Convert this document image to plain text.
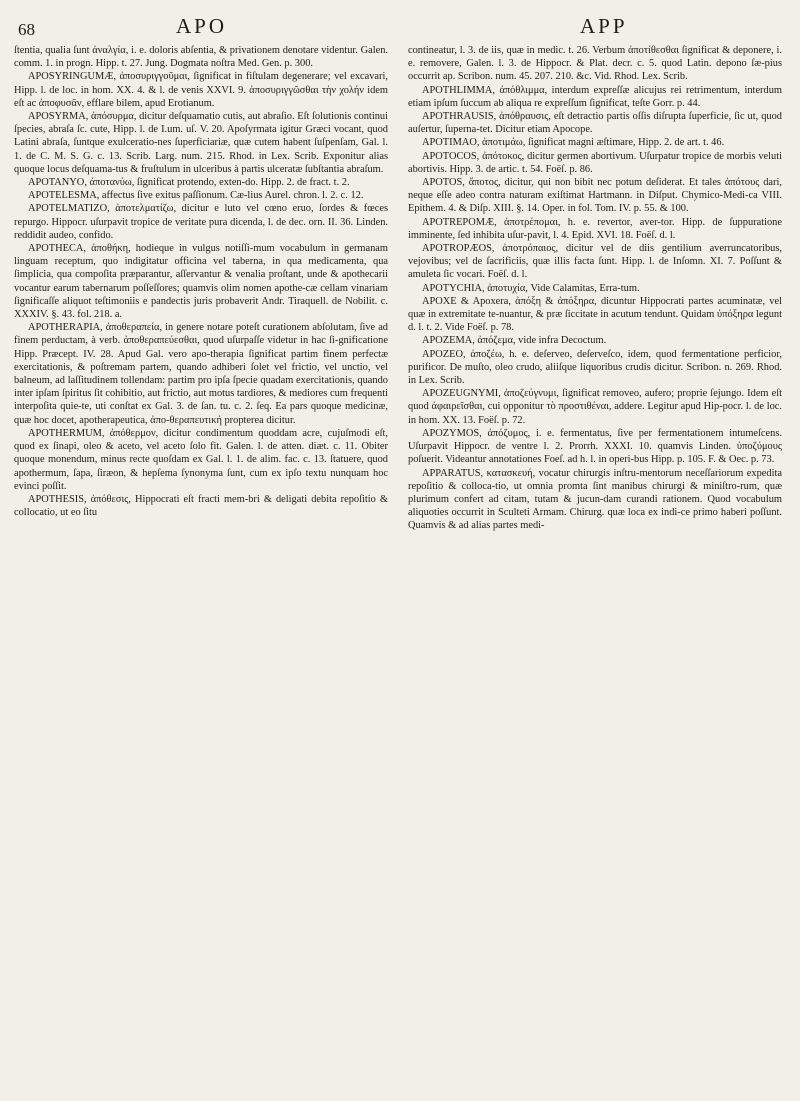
68	APO	APP

ſtentia, qualia ſunt ἀναλγία, i. e. doloris abſentia, & privationem denotare videntur. Galen. comm. 1. in progn. Hipp. t. 27. Jung. Dogmata noſtra Med. Gen. p. 300.

APOSYRINGUMÆ, ἀποσυριγγοῦμαι, ſignificat in fiſtulam degenerare; vel excavari, Hipp. l. de loc. in hom. XX. 4. & l. de venis XXVI. 9. ἀποσυριγγῶσθαι τὴν χολήν idem eſt ac ἀποφυσᾶν, efflare bilem, apud Erotianum.

APOSYRMA, ἀπόσυρμα, dicitur deſquamatio cutis, aut abraſio. Eſt ſolutionis continui ſpecies, abraſa ſc. cute, Hipp. l. de I.um. uſ. V. 20. Apoſyrmata igitur Græci vocant, quod Latini abraſa, ſuntque exulceratio-nes ſuperficiariæ, quæ cutem habent ſuſpenſam, Gal. l. 1. de C. M. S. G. c. 13. Scrib. Larg. num. 215. Rhod. in Lex. Scrib. Exponitur alias quoque locus deſquama-tus & fruſtulum in ulceribus à partis ulceratæ ſubſtantia abraſum.

APOTANYO, ἀποτανύω, ſignificat protendo, exten-do. Hipp. 2. de fract. t. 2.

APOTELESMA, affectus ſive exitus paſſionum. Cæ-lius Aurel. chron. l. 2. c. 12.

APOTELMATIZO, ἀποτελματίζω, dicitur e luto vel cœno eruo, ſordes & fœces repurgo. Hippocr. uſurpavit tropice de veritate pura dicenda, l. de dec. orn. II. 36. Linden. reddidit audeo, confido.

APOTHECA, ἀποθήκη, hodieque in vulgus notiſſi-mum vocabulum in germanam linguam receptum, quo indigitatur officina vel taberna, in qua medicamenta, qua ſimplicia, qua compoſita præparantur, aſſervantur & venalia proſtant, unde & apothecarii vocantur earum tabernarum poſſeſſores; quamvis olim nomen apothe-cæ cellam vinariam ſignificaſſe aliquot teſtimoniis e pandectis juris probaverit Andr. Tiraquell. de Nobilit. c. XXXIV. §. 43. fol. 218. a.

APOTHERAPIA, ἀποθεραπεία, in genere notare poteſt curationem abſolutam, ſive ad finem perductam, à verb. ἀποθεραπεύεσθαι, quod uſurpaſſe videtur in hac ſi-gnificatione Hipp. Præcept. IV. 28. Apud Gal. vero apo-therapia ſignificat partim finem perfectæ exercitationis, & poſtremam partem, quando adhiberi ſolet vel frictio, vel unctio, vel balneum, ad laſſitudinem tollendam: partim pro ipſa ſpecie quadam exercitationis, quando inter ipſam ſpiritus ſit cohibitio, aut frictio, aut motus tardiores, & mediores cum frequenti interpoſita quie-te, uti conſtat ex Gal. 3. de ſan. tu. c. 2. ſeq. Ea pars quoque medicinæ, quæ hoc docet, apotherapeutica, ἀπο-θεραπευτική propterea dicitur.

APOTHERMUM, ἀπόθερμον, dicitur condimentum quoddam acre, cujuſmodi eſt, quod ex ſinapi, oleo & aceto, vel aceto ſolo fit. Galen. l. de atten. diæt. c. 11. Obiter quoque monendum, minus recte quoſdam ex Gal. l. 1. de alim. fac. c. 13. ſtatuere, quod apothermum, ſapa, ſiræon, & hepſema ſynonyma ſunt, cum ex ipſo textu nunquam hoc evinci poſſit.

APOTHESIS, ἀπόθεσις, Hippocrati eſt fracti mem-bri & deligati debita repoſitio & collocatio, ut eo ſitu

contineatur, l. 3. de iis, quæ in medic. t. 26. Verbum ἀποτίθεσθαι ſignificat & deponere, i. e. removere, Galen. l. 3. de Hippocr. & Plat. decr. c. 5. quod Latin. depono ſæ-pius occurrit ap. Scribon. num. 45. 207. 210. &c. Vid. Rhod. Lex. Scrib.

APOTHLIMMA, ἀπόθλιμμα, interdum expreſſæ alicujus rei retrimentum, interdum etiam ipſum ſuccum ab aliqua re expreſſum ſignificat, teſte Gorr. p. 44.

APOTHRAUSIS, ἀπόθραυσις, eſt detractio partis oſſis diſrupta ſuperficie, ſic ut, quod auſertur, ſuperna-tet. Dicitur etiam Apocope.

APOTIMAO, ἀποτιμάω, ſignificat magni æſtimare, Hipp. 2. de art. t. 46.

APOTOCOS, ἀπότοκος, dicitur germen abortivum. Uſurpatur tropice de morbis veluti abortivis. Hipp. 3. de artic. t. 54. Foëſ. p. 86.

APOTOS, ἄποτος, dicitur, qui non bibit nec potum deſiderat. Et tales ἀπότους dari, neque eſſe adeo contra naturam exiſtimat Hartmann. in Diſput. Chymico-Medi-ca VIII. Epithem. 4. & Diſp. XIII. §. 14. Oper. in fol. Tom. IV. p. 55. & 100.

APOTREPOMÆ, ἀποτρέπομαι, h. e. revertor, aver-tor. Hipp. de ſuppuratione imminente, ſed inhibita uſur-pavit, l. 4. Epid. XVI. 18. Foëſ. d. l.

APOTROPÆOS, ἀποτρόπαιος, dicitur vel de diis gentilium averruncatoribus, vejovibus; vel de ſacrificiis, quæ illis facta ſunt. Hipp. l. de Inſomn. XI. 7. Poſſunt & amuleta ſic vocari. Foëſ. d. l.

APOTYCHIA, ἀποτυχία, Vide Calamitas, Erra-tum.

APOXE & Apoxera, ἀπόξη & ἀπόξηρα, dicuntur Hippocrati partes acuminatæ, vel quæ in extremitate te-nuantur, & præ ſiccitate in acutum tendunt. Quidam ὑπόξηρα legunt d. l. t. 2. Vide Foëſ. p. 78.

APOZEMA, ἀπόζεμα, vide infra Decoctum.

APOZEO, ἀποζέω, h. e. deſerveo, deſerveſco, idem, quod fermentatione perficior, purificor. De muſto, oleo crudo, aliiſque liquoribus crudis dicitur. Scribon. n. 269. Rhod. in Lex. Scrib.

APOZEUGNYMI, ἀποζεύγνυμι, ſignificat removeo, aufero; proprie ſejungo. Idem eſt quod ἀφαιρεῖσθαι, cui opponitur τὸ προστιθέναι, addere. Legitur apud Hip-pocr. l. de loc. in hom. XX. 13. Foëſ. p. 72.

APOZYMOS, ἀπόζυμος, i. e. fermentatus, ſive per fermentationem intumeſcens. Uſurpavit Hippocr. de ventre l. 2. Prorrh. XXXI. 10. quamvis Linden. ὑποζύμους poſuerit. Videantur annotationes Foeſ. ad h. l. in operi-bus Hipp. p. 105. F. & Oec. p. 73.

APPARATUS, κατασκευή, vocatur chirurgis inſtru-mentorum neceſſariorum expedita repoſitio & colloca-tio, ut omnia promta ſint manibus chirurgi & miniſtro-rum, quæ plurimum confert ad citam, tutam & jucun-dam curandi rationem. Quod vocabulum aliquoties occurrit in Sculteti Armam. Chirurg. quæ loca ex indi-ce primo haberi poſſunt. Quamvis & ad alias partes medi-
